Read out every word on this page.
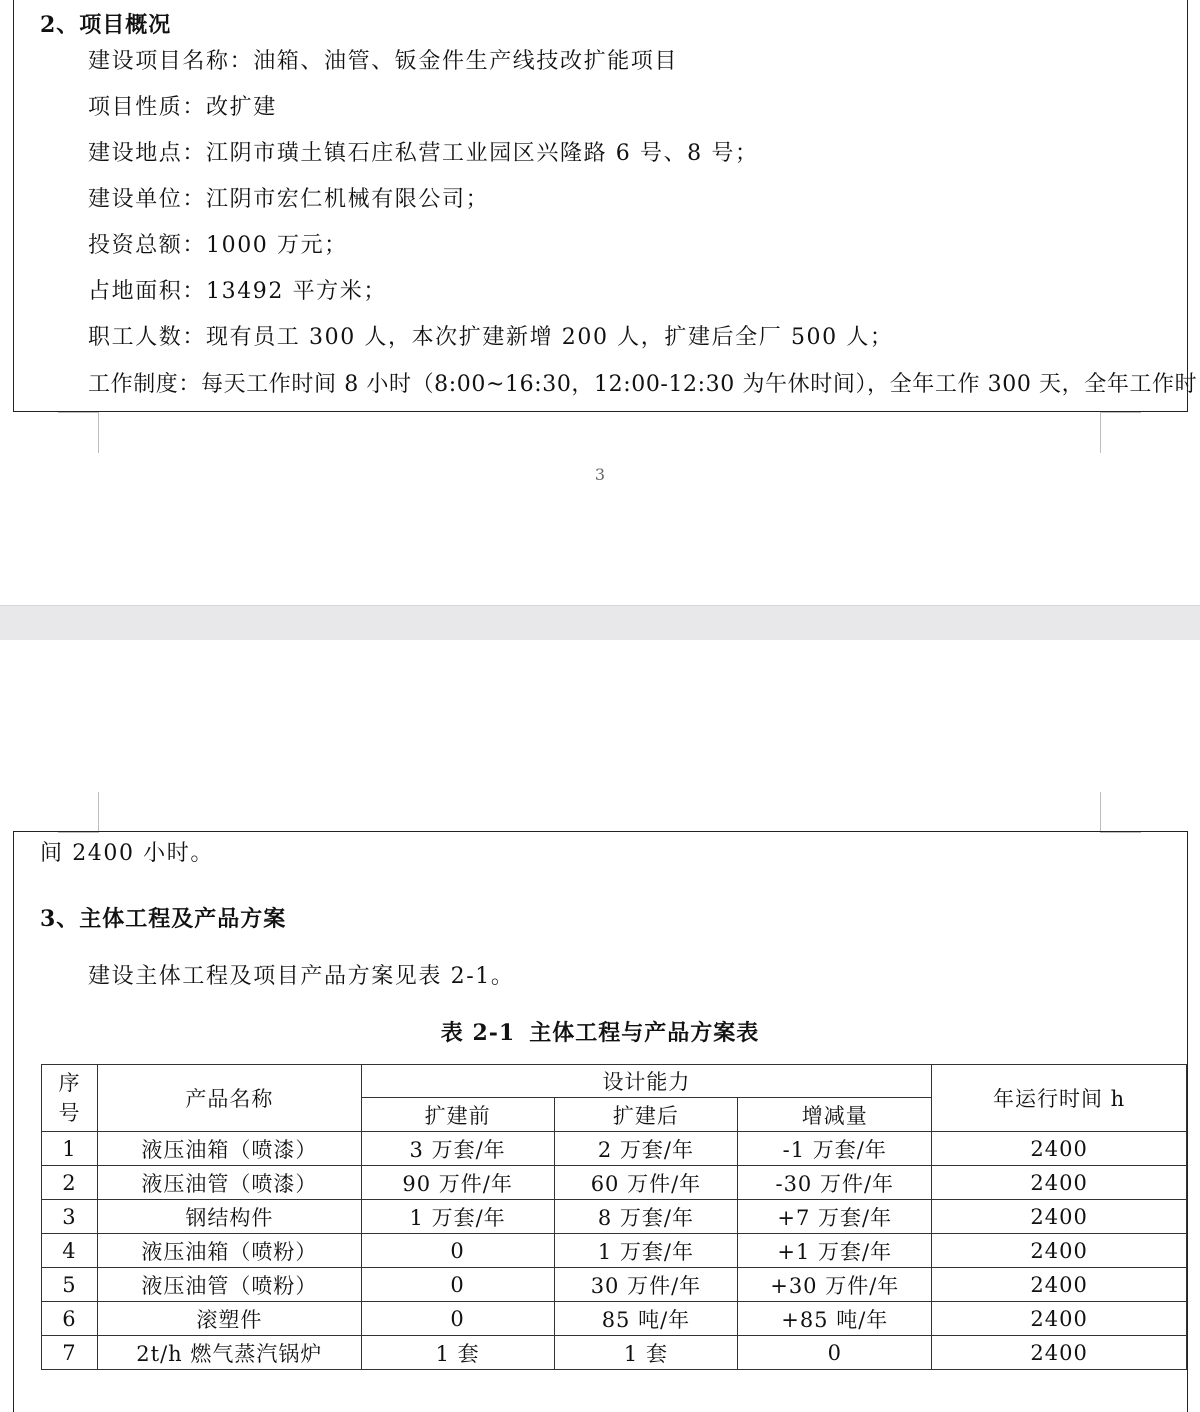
2、项目概况
建设项目名称：油箱、油管、钣金件生产线技改扩能项目
项目性质：改扩建
建设地点：江阴市璜土镇石庄私营工业园区兴隆路 6 号、8 号；
建设单位：江阴市宏仁机械有限公司；
投资总额：1000 万元；
占地面积：13492 平方米；
职工人数：现有员工 300 人，本次扩建新增 200 人，扩建后全厂 500 人；
工作制度：每天工作时间 8 小时（8:00~16:30，12:00-12:30 为午休时间），全年工作 300 天，全年工作时
3
间 2400 小时。
3、主体工程及产品方案
建设主体工程及项目产品方案见表 2-1。
表 2-1 主体工程与产品方案表
序
号	产品名称	设计能力			年运行时间 h
		扩建前	扩建后	增减量	
1	液压油箱（喷漆）	3 万套/年	2 万套/年	-1 万套/年	2400
2	液压油管（喷漆）	90 万件/年	60 万件/年	-30 万件/年	2400
3	钢结构件	1 万套/年	8 万套/年	+7 万套/年	2400
4	液压油箱（喷粉）	0	1 万套/年	+1 万套/年	2400
5	液压油管（喷粉）	0	30 万件/年	+30 万件/年	2400
6	滚塑件	0	85 吨/年	+85 吨/年	2400
7	2t/h 燃气蒸汽锅炉	1 套	1 套	0	2400
